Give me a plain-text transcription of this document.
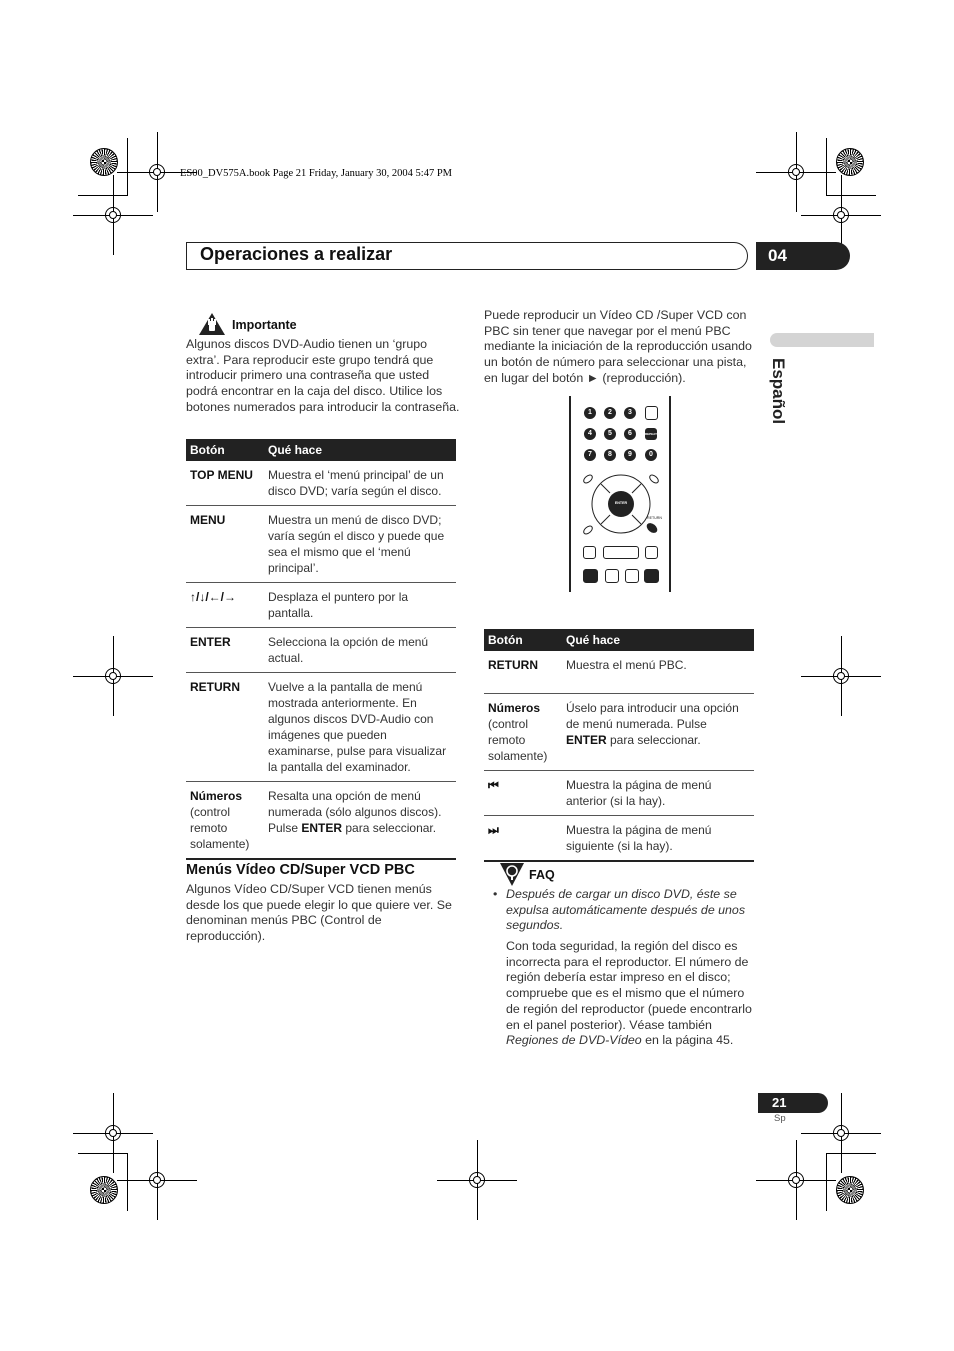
ES00_DV575A.book Page 21 Friday, January 30, 2004 5:47 PM
Operaciones a realizar	04
Español
Importante
Algunos discos DVD-Audio tienen un ‘grupo extra’. Para reproducir este grupo tendrá que introducir primero una contraseña que usted podrá encontrar en la caja del disco. Utilice los botones numerados para introducir la contraseña.
Botón	Qué hace
TOP MENU	Muestra el ‘menú principal’ de un disco DVD; varía según el disco.
MENU	Muestra un menú de disco DVD; varía según el disco y puede que sea el mismo que el ‘menú principal’.
↑/↓/←/→	Desplaza el puntero por la pantalla.
ENTER	Selecciona la opción de menú actual.
RETURN	Vuelve a la pantalla de menú mostrada anteriormente. En algunos discos DVD-Audio con imágenes que pueden examinarse, pulse para visualizar la pantalla del examinador.
Números
(control remoto solamente)	Resalta una opción de menú numerada (sólo algunos discos). Pulse ENTER para seleccionar.
Menús Vídeo CD/Super VCD PBC
Algunos Vídeo CD/Super VCD tienen menús desde los que puede elegir lo que quiere ver. Se denominan menús PBC (Control de reproducción).
Puede reproducir un Vídeo CD /Super VCD con PBC sin tener que navegar por el menú PBC mediante la iniciación de la reproducción usando un botón de número para seleccionar una pista, en lugar del botón ► (reproducción).
1	2	3
4	5	6	REPEAT
7	8	9	0
ENTER
RETURN
Botón	Qué hace
RETURN	Muestra el menú PBC.
Números
(control remoto solamente)	Úselo para introducir una opción de menú numerada. Pulse ENTER para seleccionar.
⏮	Muestra la página de menú anterior (si la hay).
⏭	Muestra la página de menú siguiente (si la hay).
FAQ
• Después de cargar un disco DVD, éste se expulsa automáticamente después de unos segundos.
Con toda seguridad, la región del disco es incorrecta para el reproductor. El número de región debería estar impreso en el disco; compruebe que es el mismo que el número de región del reproductor (puede encontrarlo en el panel posterior). Véase también Regiones de DVD-Vídeo en la página 45.
21
Sp
